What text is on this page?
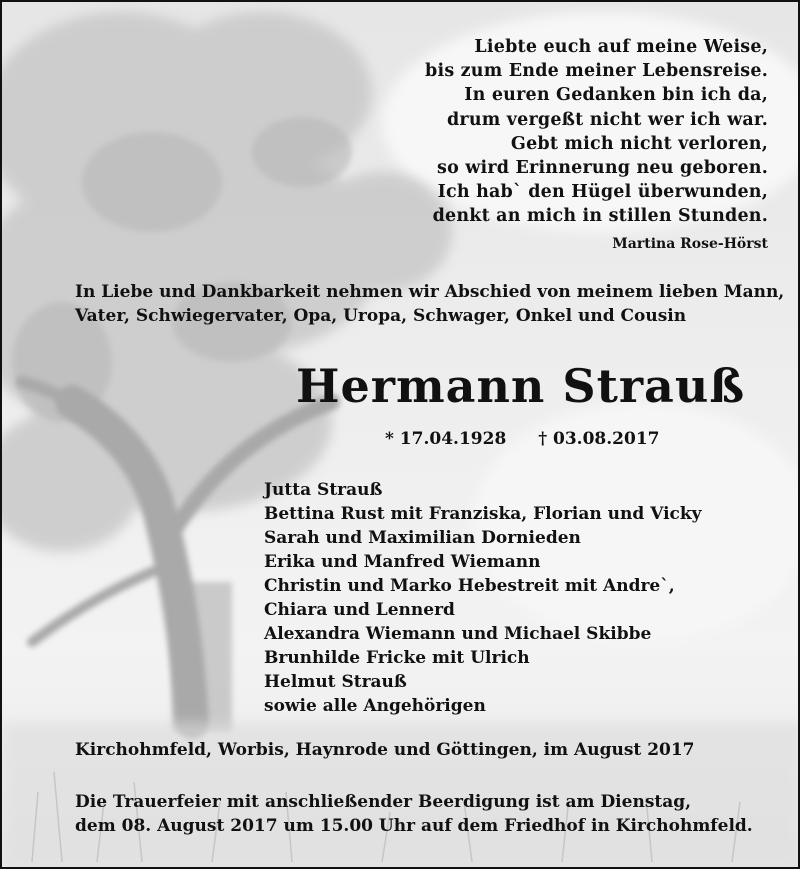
Liebte euch auf meine Weise,
bis zum Ende meiner Lebensreise.
In euren Gedanken bin ich da,
drum vergeßt nicht wer ich war.
Gebt mich nicht verloren,
so wird Erinnerung neu geboren.
Ich hab` den Hügel überwunden,
denkt an mich in stillen Stunden.
Martina Rose-Hörst
In Liebe und Dankbarkeit nehmen wir Abschied von meinem lieben Mann,
Vater, Schwiegervater, Opa, Uropa, Schwager, Onkel und Cousin
Hermann Strauß
* 17.04.1928 † 03.08.2017
Jutta Strauß
Bettina Rust mit Franziska, Florian und Vicky
Sarah und Maximilian Dornieden
Erika und Manfred Wiemann
Christin und Marko Hebestreit mit Andre`,
Chiara und Lennerd
Alexandra Wiemann und Michael Skibbe
Brunhilde Fricke mit Ulrich
Helmut Strauß
sowie alle Angehörigen
Kirchohmfeld, Worbis, Haynrode und Göttingen, im August 2017
Die Trauerfeier mit anschließender Beerdigung ist am Dienstag,
dem 08. August 2017 um 15.00 Uhr auf dem Friedhof in Kirchohmfeld.
